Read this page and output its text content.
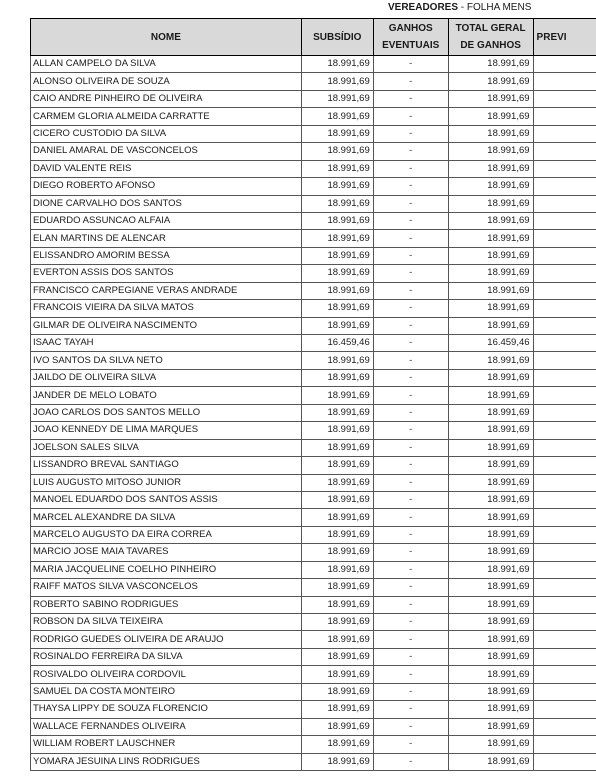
VEREADORES - FOLHA MENS
NOME	SUBSÍDIO	GANHOS EVENTUAIS	TOTAL GERAL DE GANHOS	PREVI
ALLAN CAMPELO DA SILVA	18.991,69	-	18.991,69	
ALONSO OLIVEIRA DE SOUZA	18.991,69	-	18.991,69	
CAIO ANDRE PINHEIRO DE OLIVEIRA	18.991,69	-	18.991,69	
CARMEM GLORIA ALMEIDA CARRATTE	18.991,69	-	18.991,69	
CICERO CUSTODIO DA SILVA	18.991,69	-	18.991,69	
DANIEL AMARAL DE VASCONCELOS	18.991,69	-	18.991,69	
DAVID VALENTE REIS	18.991,69	-	18.991,69	
DIEGO ROBERTO AFONSO	18.991,69	-	18.991,69	
DIONE CARVALHO DOS SANTOS	18.991,69	-	18.991,69	
EDUARDO ASSUNCAO ALFAIA	18.991,69	-	18.991,69	
ELAN MARTINS DE ALENCAR	18.991,69	-	18.991,69	
ELISSANDRO AMORIM BESSA	18.991,69	-	18.991,69	
EVERTON ASSIS DOS SANTOS	18.991,69	-	18.991,69	
FRANCISCO CARPEGIANE VERAS ANDRADE	18.991,69	-	18.991,69	
FRANCOIS VIEIRA DA SILVA MATOS	18.991,69	-	18.991,69	
GILMAR DE OLIVEIRA NASCIMENTO	18.991,69	-	18.991,69	
ISAAC TAYAH	16.459,46	-	16.459,46	
IVO SANTOS DA SILVA NETO	18.991,69	-	18.991,69	
JAILDO DE OLIVEIRA SILVA	18.991,69	-	18.991,69	
JANDER DE MELO LOBATO	18.991,69	-	18.991,69	
JOAO CARLOS DOS SANTOS MELLO	18.991,69	-	18.991,69	
JOAO KENNEDY DE LIMA MARQUES	18.991,69	-	18.991,69	
JOELSON SALES SILVA	18.991,69	-	18.991,69	
LISSANDRO BREVAL SANTIAGO	18.991,69	-	18.991,69	
LUIS AUGUSTO MITOSO JUNIOR	18.991,69	-	18.991,69	
MANOEL EDUARDO DOS SANTOS ASSIS	18.991,69	-	18.991,69	
MARCEL ALEXANDRE DA SILVA	18.991,69	-	18.991,69	
MARCELO AUGUSTO DA EIRA CORREA	18.991,69	-	18.991,69	
MARCIO JOSE MAIA TAVARES	18.991,69	-	18.991,69	
MARIA JACQUELINE COELHO PINHEIRO	18.991,69	-	18.991,69	
RAIFF MATOS SILVA VASCONCELOS	18.991,69	-	18.991,69	
ROBERTO SABINO RODRIGUES	18.991,69	-	18.991,69	
ROBSON DA SILVA TEIXEIRA	18.991,69	-	18.991,69	
RODRIGO GUEDES OLIVEIRA DE ARAUJO	18.991,69	-	18.991,69	
ROSINALDO FERREIRA DA SILVA	18.991,69	-	18.991,69	
ROSIVALDO OLIVEIRA CORDOVIL	18.991,69	-	18.991,69	
SAMUEL DA COSTA MONTEIRO	18.991,69	-	18.991,69	
THAYSA LIPPY DE SOUZA FLORENCIO	18.991,69	-	18.991,69	
WALLACE FERNANDES OLIVEIRA	18.991,69	-	18.991,69	
WILLIAM ROBERT LAUSCHNER	18.991,69	-	18.991,69	
YOMARA JESUINA LINS RODRIGUES	18.991,69	-	18.991,69	
